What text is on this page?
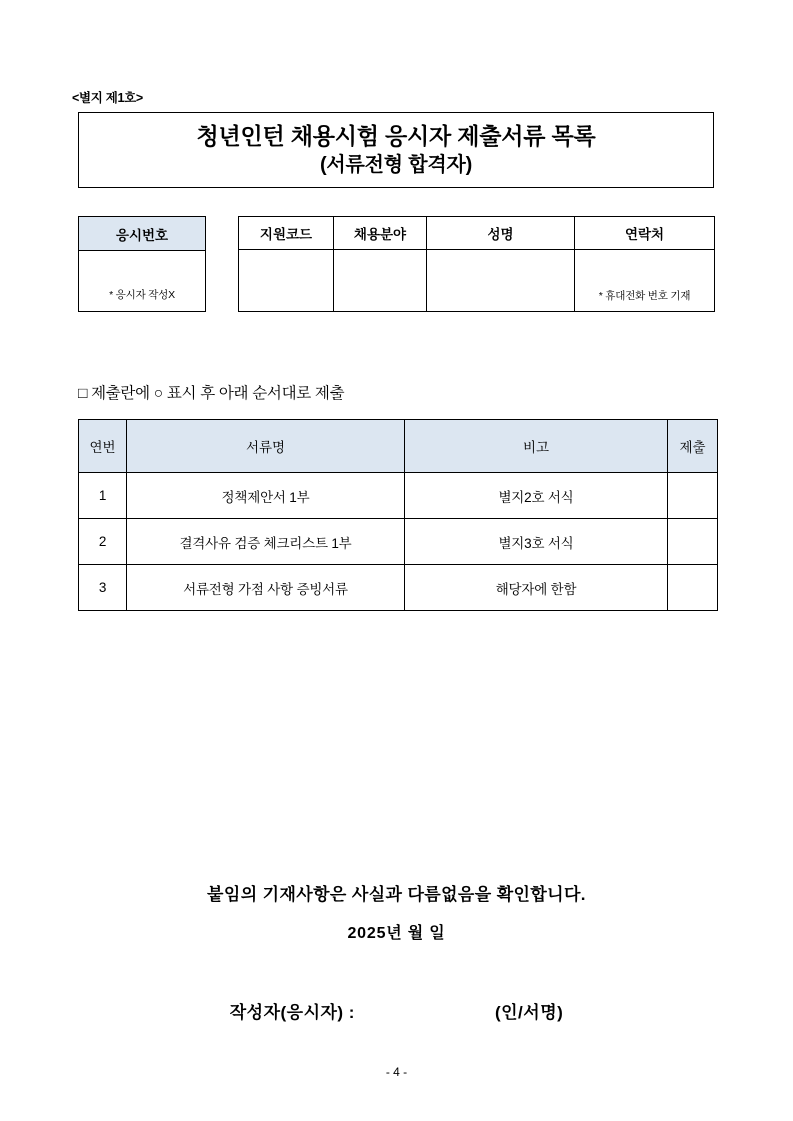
<별지 제1호>
청년인턴 채용시험 응시자 제출서류 목록
(서류전형 합격자)
응시번호
* 응시자 작성X
지원코드	채용분야	성명	연락처
			* 휴대전화 번호 기재
□ 제출란에 ○ 표시 후 아래 순서대로 제출
연번	서류명	비고	제출
1	정책제안서 1부	별지2호 서식	
2	결격사유 검증 체크리스트 1부	별지3호 서식	
3	서류전형 가점 사항 증빙서류	해당자에 한함	
붙임의 기재사항은 사실과 다름없음을 확인합니다.
2025년 월 일
작성자(응시자) :	(인/서명)
- 4 -
